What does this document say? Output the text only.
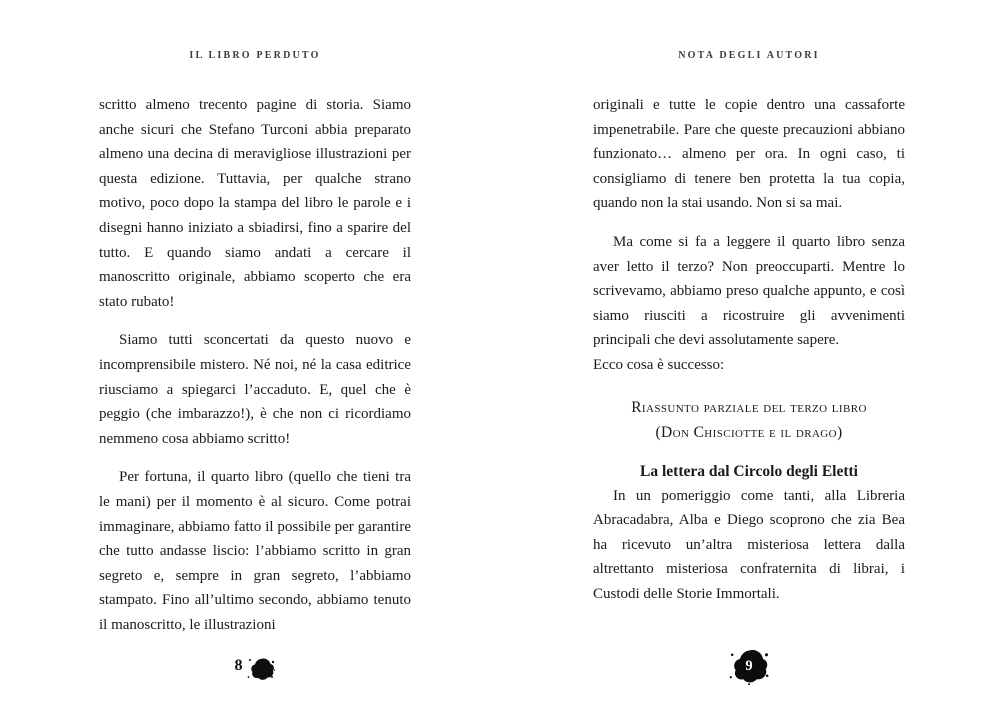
IL LIBRO PERDUTO

scritto almeno trecento pagine di storia. Siamo anche sicuri che Stefano Turconi abbia preparato almeno una decina di meravigliose illustrazioni per questa edizione. Tuttavia, per qualche strano motivo, poco dopo la stampa del libro le parole e i disegni hanno iniziato a sbiadirsi, fino a sparire del tutto. E quando siamo andati a cercare il manoscritto originale, abbiamo scoperto che era stato rubato!

Siamo tutti sconcertati da questo nuovo e incomprensibile mistero. Né noi, né la casa editrice riusciamo a spiegarci l’accaduto. E, quel che è peggio (che imbarazzo!), è che non ci ricordiamo nemmeno cosa abbiamo scritto!

Per fortuna, il quarto libro (quello che tieni tra le mani) per il momento è al sicuro. Come potrai immaginare, abbiamo fatto il possibile per garantire che tutto andasse liscio: l’abbiamo scritto in gran segreto e, sempre in gran segreto, l’abbiamo stampato. Fino all’ultimo secondo, abbiamo tenuto il manoscritto, le illustrazioni

NOTA DEGLI AUTORI

originali e tutte le copie dentro una cassaforte impenetrabile. Pare che queste precauzioni abbiano funzionato… almeno per ora. In ogni caso, ti consigliamo di tenere ben protetta la tua copia, quando non la stai usando. Non si sa mai.

Ma come si fa a leggere il quarto libro senza aver letto il terzo? Non preoccuparti. Mentre lo scrivevamo, abbiamo preso qualche appunto, e così siamo riusciti a ricostruire gli avvenimenti principali che devi assolutamente sapere.

Ecco cosa è successo:

Riassunto parziale del terzo libro
(Don Chisciotte e il drago)
La lettera dal Circolo degli Eletti

In un pomeriggio come tanti, alla Libreria Abracadabra, Alba e Diego scoprono che zia Bea ha ricevuto un’altra misteriosa lettera dalla altrettanto misteriosa confraternita di librai, i Custodi delle Storie Immortali.

8	9
